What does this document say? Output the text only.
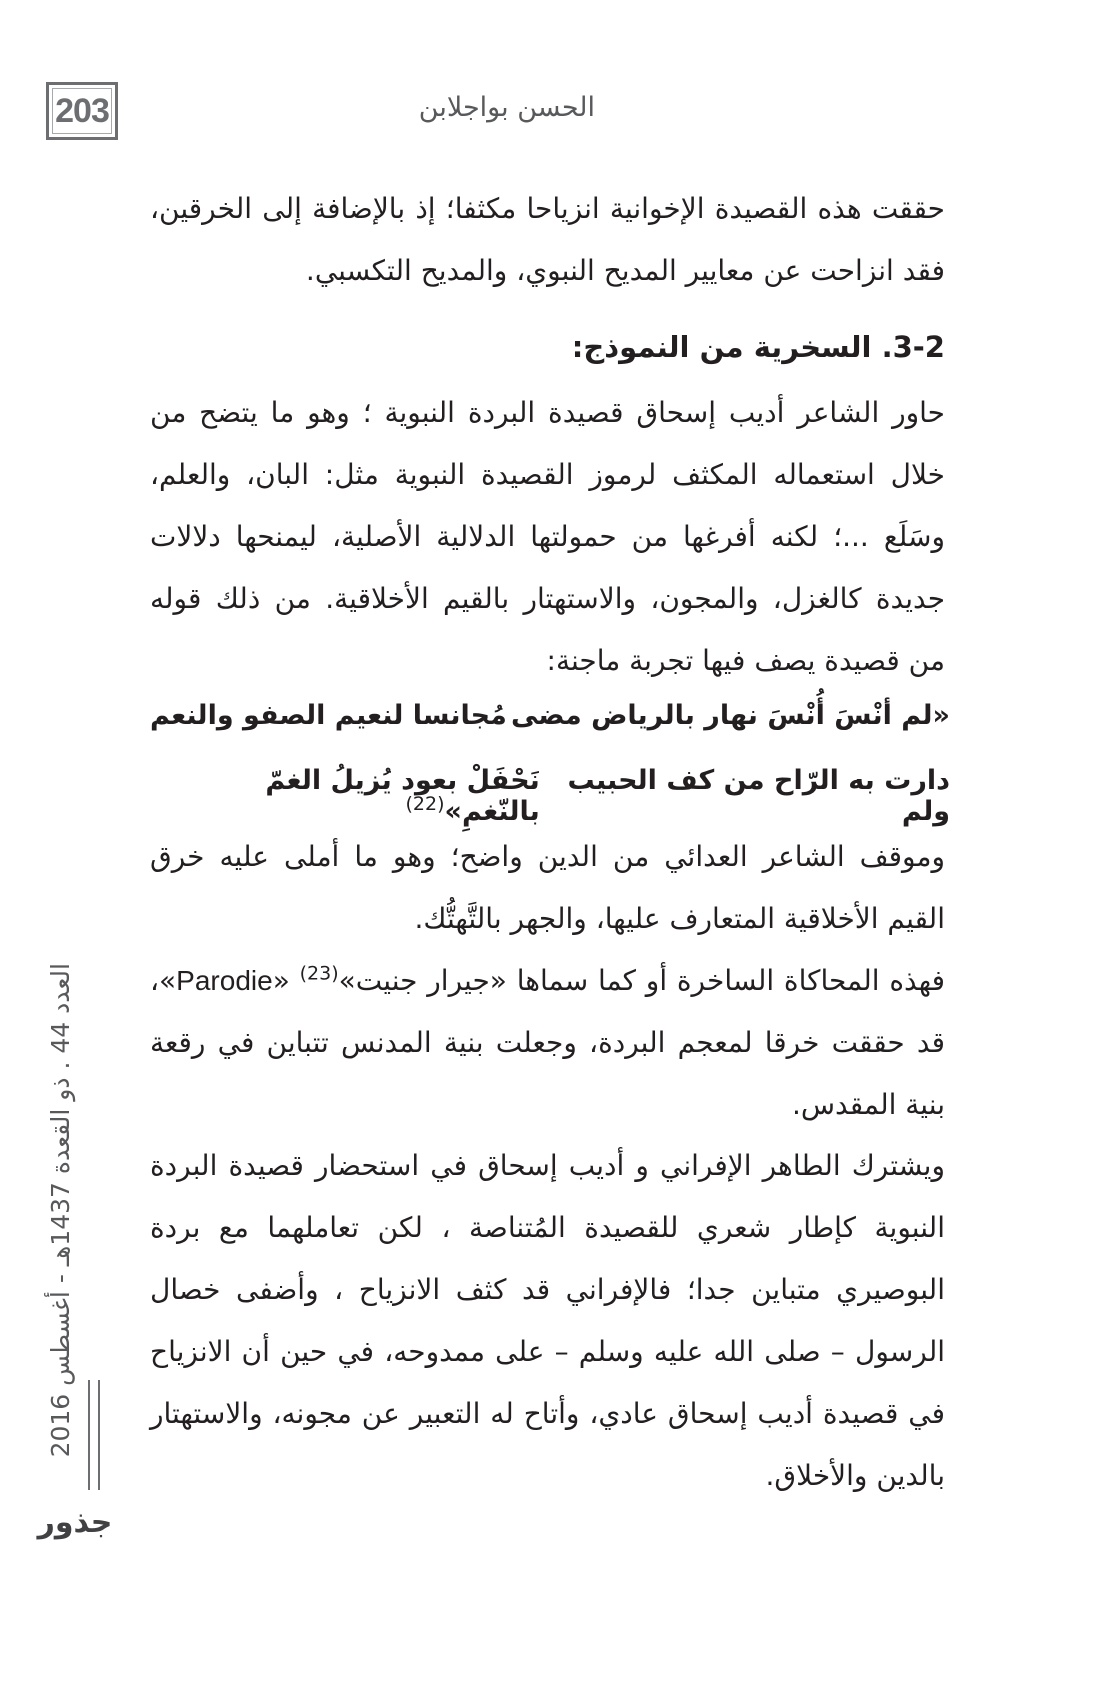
203	الحسن بواجلابن

حققت هذه القصيدة الإخوانية انزياحا مكثفا؛ إذ بالإضافة إلى الخرقين، فقد انزاحت عن معايير المديح النبوي، والمديح التكسبي.

3-2. السخرية من النموذج:

حاور الشاعر أديب إسحاق قصيدة البردة النبوية ؛ وهو ما يتضح من خلال استعماله المكثف لرموز القصيدة النبوية مثل: البان، والعلم، وسَلَع ...؛ لكنه أفرغها من حمولتها الدلالية الأصلية، ليمنحها دلالات جديدة كالغزل، والمجون، والاستهتار بالقيم الأخلاقية. من ذلك قوله من قصيدة يصف فيها تجربة ماجنة:

«لم أنْسَ أُنْسَ نهار بالرياض مضى
مُجانسا لنعيم الصفو والنعم
دارت به الرّاح من كف الحبيب ولم
نَحْفَلْ بعود يُزيلُ الغمّ بالنّغمِ»$^{(22)}$

وموقف الشاعر العدائي من الدين واضح؛ وهو ما أملى عليه خرق القيم الأخلاقية المتعارف عليها، والجهر بالتَّهتُّك.

فهذه المحاكاة الساخرة أو كما سماها «جيرار جنيت»$^{(23)}$ «Parodie»، قد حققت خرقا لمعجم البردة، وجعلت بنية المدنس تتباين في رقعة بنية المقدس.

ويشترك الطاهر الإفراني و أديب إسحاق في استحضار قصيدة البردة النبوية كإطار شعري للقصيدة المُتناصة ، لكن تعاملهما مع بردة البوصيري متباين جدا؛ فالإفراني قد كثف الانزياح ، وأضفى خصال الرسول – صلى الله عليه وسلم – على ممدوحه، في حين أن الانزياح في قصيدة أديب إسحاق عادي، وأتاح له التعبير عن مجونه، والاستهتار بالدين والأخلاق.

العدد 44 . ذو القعدة 1437هـ - أغسطس 2016
جذور
